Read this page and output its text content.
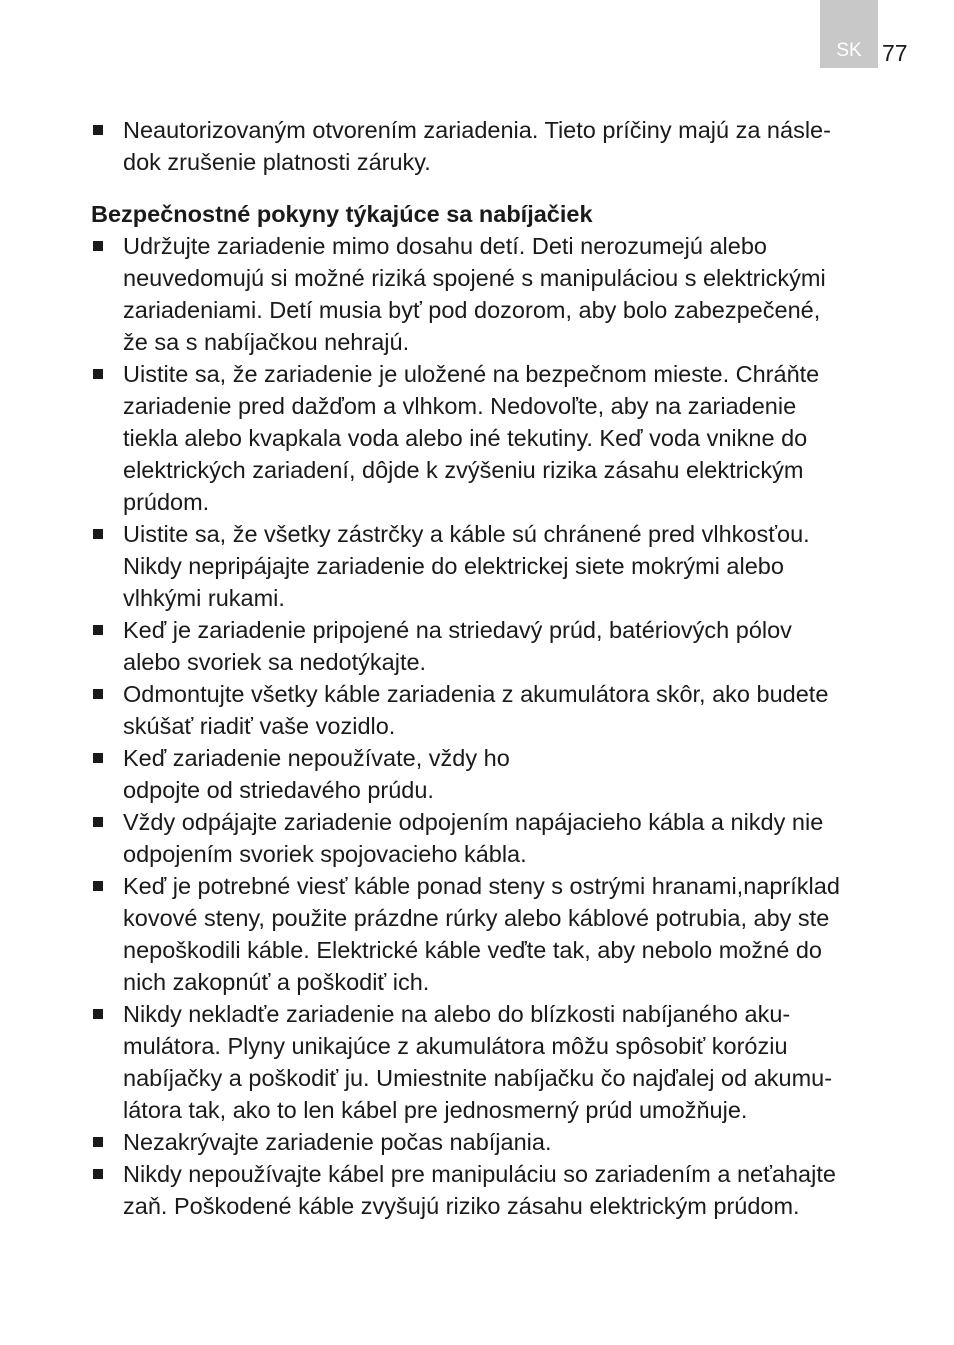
SK 77
Neautorizovaným otvorením zariadenia. Tieto príčiny majú za násle-
dok zrušenie platnosti záruky.
Bezpečnostné pokyny týkajúce sa nabíjačiek
Udržujte zariadenie mimo dosahu detí. Deti nerozumejú alebo
neuvedomujú si možné riziká spojené s manipuláciou s elektrickými
zariadeniami. Detí musia byť pod dozorom, aby bolo zabezpečené,
že sa s nabíjačkou nehrajú.
Uistite sa, že zariadenie je uložené na bezpečnom mieste. Chráňte
zariadenie pred dažďom a vlhkom. Nedovoľte, aby na zariadenie
tiekla alebo kvapkala voda alebo iné tekutiny. Keď voda vnikne do
elektrických zariadení, dôjde k zvýšeniu rizika zásahu elektrickým
prúdom.
Uistite sa, že všetky zástrčky a káble sú chránené pred vlhkosťou.
Nikdy nepripájajte zariadenie do elektrickej siete mokrými alebo
vlhkými rukami.
Keď je zariadenie pripojené na striedavý prúd, batériových pólov
alebo svoriek sa nedotýkajte.
Odmontujte všetky káble zariadenia z akumulátora skôr, ako budete
skúšať riadiť vaše vozidlo.
Keď zariadenie nepoužívate, vždy ho
odpojte od striedavého prúdu.
Vždy odpájajte zariadenie odpojením napájacieho kábla a nikdy nie
odpojením svoriek spojovacieho kábla.
Keď je potrebné viesť káble ponad steny s ostrými hranami,napríklad
kovové steny, použite prázdne rúrky alebo káblové potrubia, aby ste
nepoškodili káble. Elektrické káble veďte tak, aby nebolo možné do
nich zakopnúť a poškodiť ich.
Nikdy nekladťe zariadenie na alebo do blízkosti nabíjaného aku-
mulátora. Plyny unikajúce z akumulátora môžu spôsobiť koróziu
nabíjačky a poškodiť ju. Umiestnite nabíjačku čo najďalej od akumu-
látora tak, ako to len kábel pre jednosmerný prúd umožňuje.
Nezakrývajte zariadenie počas nabíjania.
Nikdy nepoužívajte kábel pre manipuláciu so zariadením a neťahajte
zaň. Poškodené káble zvyšujú riziko zásahu elektrickým prúdom.
